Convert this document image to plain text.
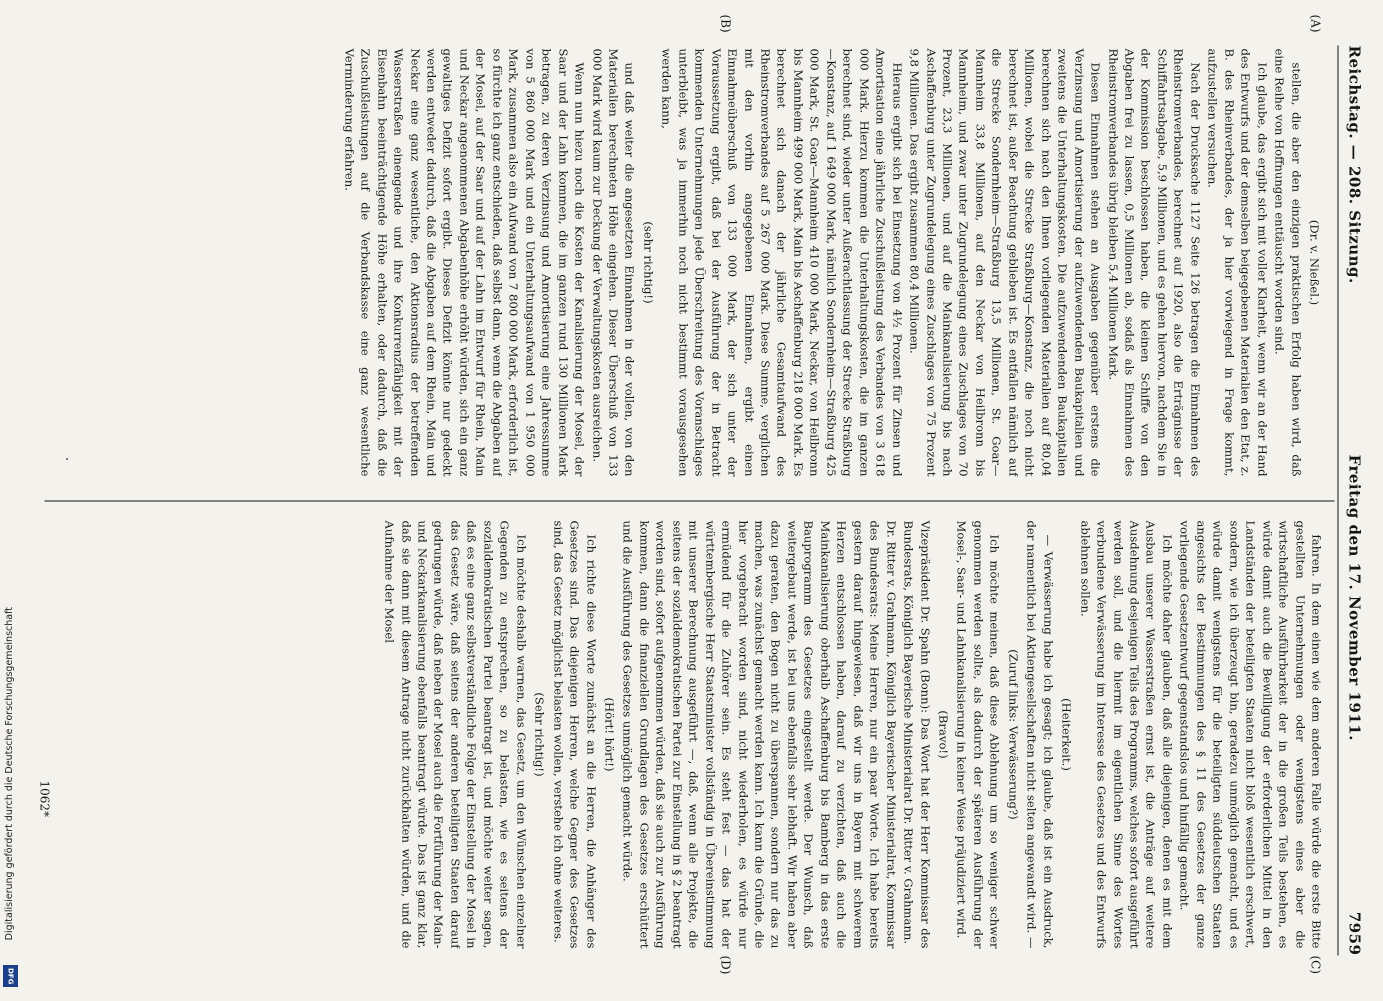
Digitalisierung gefördert durch die Deutsche Forschungsgemeinschaft
DFG
Reichstag. — 208. Sitzung.
Freitag den 17. November 1911.
7959
(A)
(B)
(C)
(D)

(Dr. v. Nießel.)

stellen, die aber den einzigen praktischen Erfolg haben wird, daß eine Reihe von Hoffnungen enttäuscht worden sind.

Ich glaube, das ergibt sich mit voller Klarheit, wenn wir an der Hand des Entwurfs und der demselben beigegebenen Materialien den Etat, z. B. des Rheinverbandes, der ja hier vorwiegend in Frage kommt, aufzustellen versuchen.

Nach der Drucksache 1127 Seite 126 betragen die Einnahmen des Rheinstromverbandes, berechnet auf 1920, also die Erträgnisse der Schiffahrtsabgabe, 5,9 Millionen, und es gehen hiervon, nachdem Sie in der Kommission beschlossen haben, die kleinen Schiffe von den Abgaben frei zu lassen, 0,5 Millionen ab, sodaß als Einnahmen des Rheinstromverbandes übrig bleiben 5,4 Millionen Mark.

Diesen Einnahmen stehen an Ausgaben gegenüber erstens die Verzinsung und Amortisierung der aufzuwendenden Baukapitalien und zweitens die Unterhaltungskosten. Die aufzuwendenden Baukapitalien berechnen sich nach den Ihnen vorliegenden Materialien auf 80,04 Millionen, wobei die Strecke Straßburg—Konstanz, die noch nicht berechnet ist, außer Beachtung geblieben ist. Es entfallen nämlich auf die Strecke Sondernheim—Straßburg 13,5 Millionen, St. Goar—Mannheim 33,8 Millionen, auf den Neckar von Heilbronn bis Mannheim, und zwar unter Zugrundelegung eines Zuschlages von 70 Prozent, 23,3 Millionen, und auf die Mainkanalisierung bis nach Aschaffenburg unter Zugrundelegung eines Zuschlages von 75 Prozent 9,8 Millionen. Das ergibt zusammen 80,4 Millionen.

Hieraus ergibt sich bei Einsetzung von 4½ Prozent für Zinsen und Amortisation eine jährliche Zuschußleistung des Verbandes von 3 618 000 Mark. Hierzu kommen die Unterhaltungskosten, die im ganzen berechnet sind, wieder unter Außerachtlassung der Strecke Straßburg—Konstanz, auf 1 649 000 Mark, nämlich Sondernheim—Straßburg 425 000 Mark, St. Goar—Mannheim 410 000 Mark, Neckar, von Heilbronn bis Mannheim 499 000 Mark, Main bis Aschaffenburg 218 000 Mark. Es berechnet sich danach der jährliche Gesamtaufwand des Rheinstromverbandes auf 5 267 000 Mark. Diese Summe, verglichen mit den vorhin angegebenen Einnahmen, ergibt einen Einnahmeüberschuß von 133 000 Mark, der sich unter der Voraussetzung ergibt, daß bei der Ausführung der in Betracht kommenden Unternehmungen jede Überschreitung des Voranschlages unterbleibt, was ja immerhin noch nicht bestimmt vorausgesehen werden kann,

(sehr richtig!)

und daß weiter die angesetzten Einnahmen in der vollen, von den Materialien berechneten Höhe eingehen. Dieser Überschuß von 133 000 Mark wird kaum zur Deckung der Verwaltungskosten ausreichen.

Wenn nun hiezu noch die Kosten der Kanalisierung der Mosel, der Saar und der Lahn kommen, die im ganzen rund 130 Millionen Mark betragen, zu deren Verzinsung und Amortisierung eine Jahressumme von 5 860 000 Mark und ein Unterhaltungsaufwand von 1 950 000 Mark, zusammen also ein Aufwand von 7 800 000 Mark, erforderlich ist, so fürchte ich ganz entschieden, daß selbst dann, wenn die Abgaben auf der Mosel, auf der Saar und auf der Lahn im Entwurf für Rhein, Main und Neckar angenommenen Abgabenhöhe erhöht würden, sich ein ganz gewaltiges Defizit sofort ergibt. Dieses Defizit könnte nur gedeckt werden entweder dadurch, daß die Abgaben auf dem Rhein, Main und Neckar eine ganz wesentliche, den Aktionsradius der betreffenden Wasserstraßen einengende und ihre Konkurrenzfähigkeit mit der Eisenbahn beeinträchtigende Höhe erhalten, oder dadurch, daß die Zuschußleistungen auf die Verbandskasse eine ganz wesentliche Verminderung erfahren.

fahren. In dem einen wie dem anderen Falle würde die erste Bitte gestellten Unternehmungen oder wenigstens eines aber die wirtschaftliche Ausführbarkeit der in die großen Teils bestehen, es würde damit auch die Bewilligung der erforderlichen Mittel in den Landständen der beteiligten Staaten nicht bloß wesentlich erschwert, sondern, wie ich überzeugt bin, geradezu unmöglich gemacht, und es würde damit wenigstens für die beteiligten süddeutschen Staaten angesichts der Bestimmungen des § 11 des Gesetzes der ganze vorliegende Gesetzentwurf gegenstandslos und hinfällig gemacht.

Ich möchte daher glauben, daß alle diejenigen, denen es mit dem Ausbau unserer Wasserstraßen ernst ist, die Anträge auf weitere Ausdehnung desjenigen Teils des Programms, welches sofort ausgeführt werden soll, und die hiermit im eigentlichen Sinne des Wortes verbundene Verwässerung im Interesse des Gesetzes und des Entwurfs ablehnen sollen.

(Heiterkeit.)

— Verwässerung habe ich gesagt; ich glaube, daß ist ein Ausdruck, der namentlich bei Aktiengesellschaften nicht selten angewandt wird. —

(Zuruf links: Verwässerung?)

Ich möchte meinen, daß diese Ablehnung um so weniger schwer genommen werden sollte, als dadurch der späteren Ausführung der Mosel-, Saar- und Lahnkanalisierung in keiner Weise präjudiziert wird.

(Bravo!)

Vizepräsident Dr. Spahn (Bonn): Das Wort hat der Herr Kommissar des Bundesrats, Königlich Bayerische Ministerialrat Dr. Ritter v. Grahmann.

Dr. Ritter v. Grahmann, Königlich Bayerischer Ministerialrat, Kommissar des Bundesrats: Meine Herren, nur ein paar Worte. Ich habe bereits gestern darauf hingewiesen, daß wir uns in Bayern mit schwerem Herzen entschlossen haben, darauf zu verzichten, daß auch die Mainkanalisierung oberhalb Aschaffenburg bis Bamberg in das erste Bauprogramm des Gesetzes eingestellt werde. Der Wunsch, daß weitergebaut werde, ist bei uns ebenfalls sehr lebhaft. Wir haben aber dazu geraten, den Bogen nicht zu überspannen, sondern nur das zu machen, was zunächst gemacht werden kann. Ich kann die Gründe, die hier vorgebracht worden sind, nicht wiederholen, es würde nur ermüdend für die Zuhörer sein. Es steht fest — das hat der württembergische Herr Staatsminister vollständig in Übereinstimmung mit unserer Berechnung ausgeführt —, daß, wenn alle Projekte, die seitens der sozialdemokratischen Partei zur Einstellung in § 2 beantragt worden sind, sofort aufgenommen würden, daß sie auch zur Ausführung kommen, dann die finanziellen Grundlagen des Gesetzes erschüttert und die Ausführung des Gesetzes unmöglich gemacht würde.

(Hört! hört!)

Ich richte diese Worte zunächst an die Herren, die Anhänger des Gesetzes sind. Das diejenigen Herren, welche Gegner des Gesetzes sind, das Gesetz möglichst belasten wollen, verstehe ich ohne weiteres.

(Sehr richtig!)

Ich möchte deshalb warnen, das Gesetz, um den Wünschen einzelner Gegenden zu entsprechen, so zu belasten, wie es seitens der sozialdemokratischen Partei beantragt ist, und möchte weiter sagen, daß es eine ganz selbstverständliche Folge der Einstellung der Mosel in das Gesetz wäre, daß seitens der anderen beteiligten Staaten darauf gedrungen würde, daß neben der Mosel auch die Fortführung der Main- und Neckarkanalisierung ebenfalls beantragt würde. Das ist ganz klar, daß sie dann mit diesem Antrage nicht zurückhalten würden, und die Aufnahme der Mosel

1062*
